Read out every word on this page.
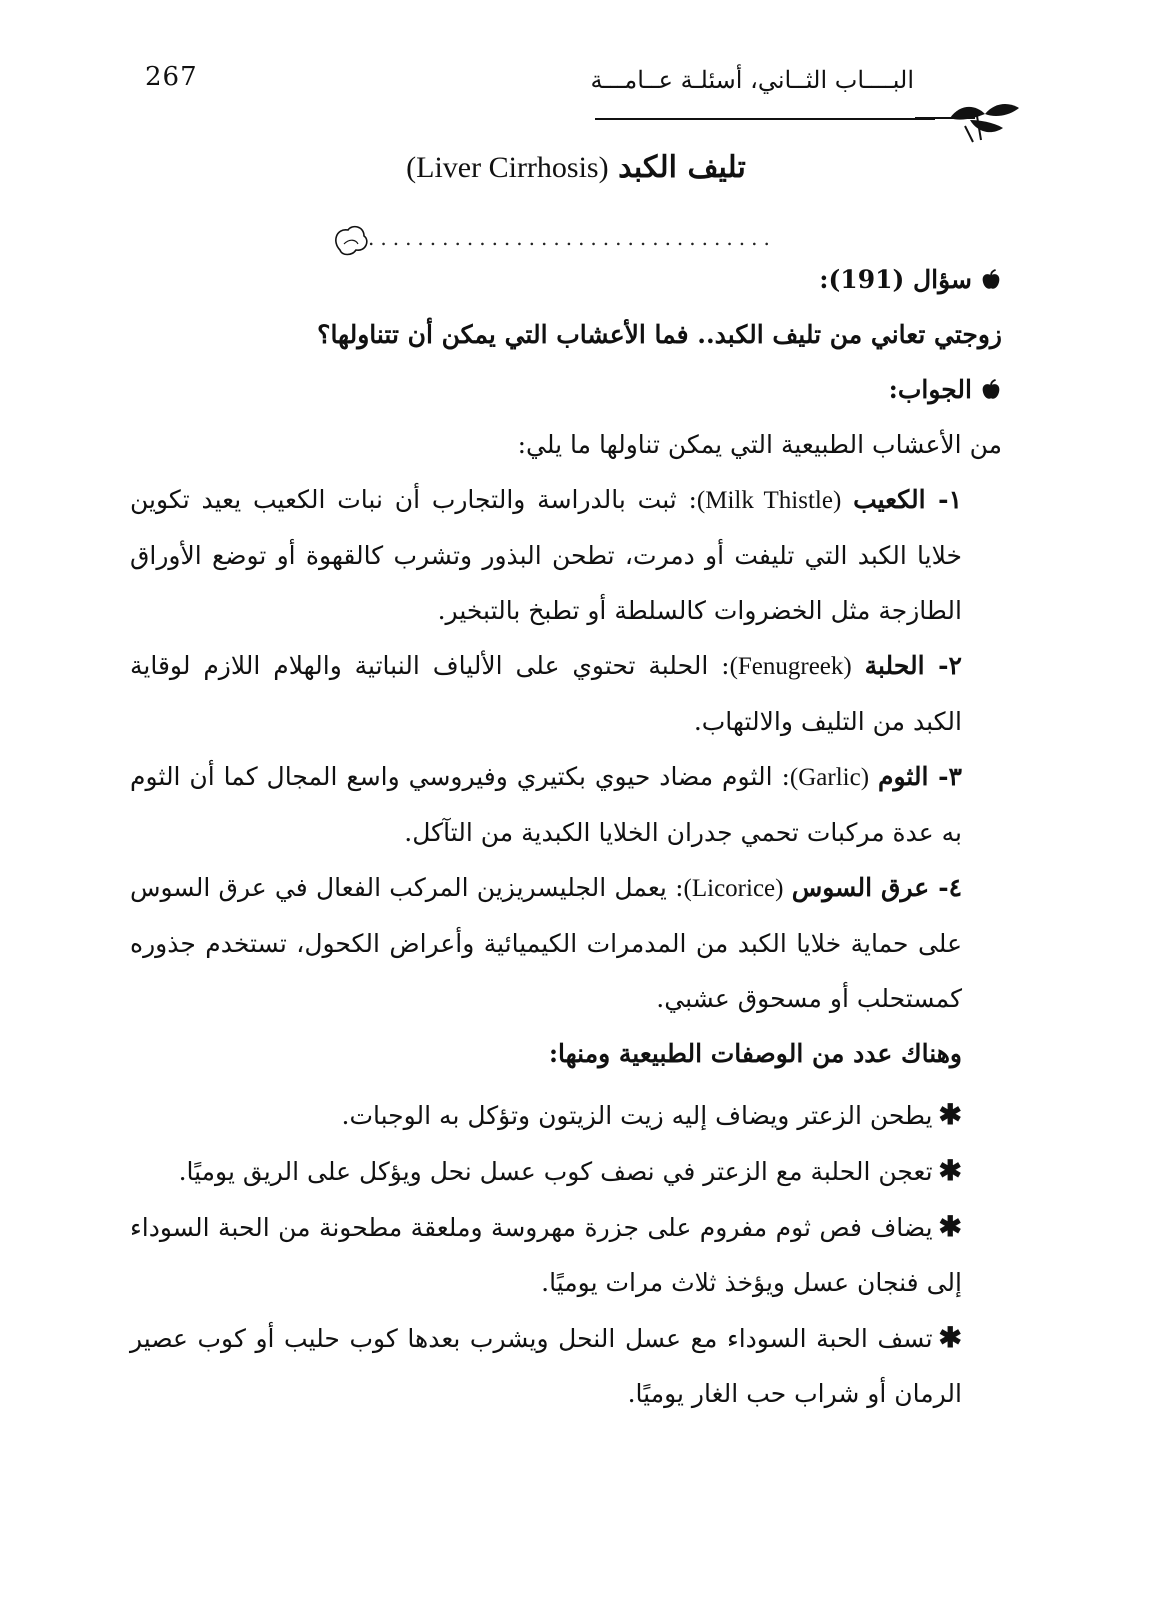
267	البــــاب الثــاني، أسئلـة عــامـــة
تليف الكبد (Liver Cirrhosis)
.................................

سؤال (191):

زوجتي تعاني من تليف الكبد.. فما الأعشاب التي يمكن أن تتناولها؟

الجواب:

من الأعشاب الطبيعية التي يمكن تناولها ما يلي:

١- الكعيب (Milk Thistle): ثبت بالدراسة والتجارب أن نبات الكعيب يعيد تكوين خلايا الكبد التي تليفت أو دمرت، تطحن البذور وتشرب كالقهوة أو توضع الأوراق الطازجة مثل الخضروات كالسلطة أو تطبخ بالتبخير.

٢- الحلبة (Fenugreek): الحلبة تحتوي على الألياف النباتية والهلام اللازم لوقاية الكبد من التليف والالتهاب.

٣- الثوم (Garlic): الثوم مضاد حيوي بكتيري وفيروسي واسع المجال كما أن الثوم به عدة مركبات تحمي جدران الخلايا الكبدية من التآكل.

٤- عرق السوس (Licorice): يعمل الجليسريزين المركب الفعال في عرق السوس على حماية خلايا الكبد من المدمرات الكيميائية وأعراض الكحول، تستخدم جذوره كمستحلب أو مسحوق عشبي.

وهناك عدد من الوصفات الطبيعية ومنها:

✱يطحن الزعتر ويضاف إليه زيت الزيتون وتؤكل به الوجبات.

✱تعجن الحلبة مع الزعتر في نصف كوب عسل نحل ويؤكل على الريق يوميًا.

✱يضاف فص ثوم مفروم على جزرة مهروسة وملعقة مطحونة من الحبة السوداء إلى فنجان عسل ويؤخذ ثلاث مرات يوميًا.

✱تسف الحبة السوداء مع عسل النحل ويشرب بعدها كوب حليب أو كوب عصير الرمان أو شراب حب الغار يوميًا.
